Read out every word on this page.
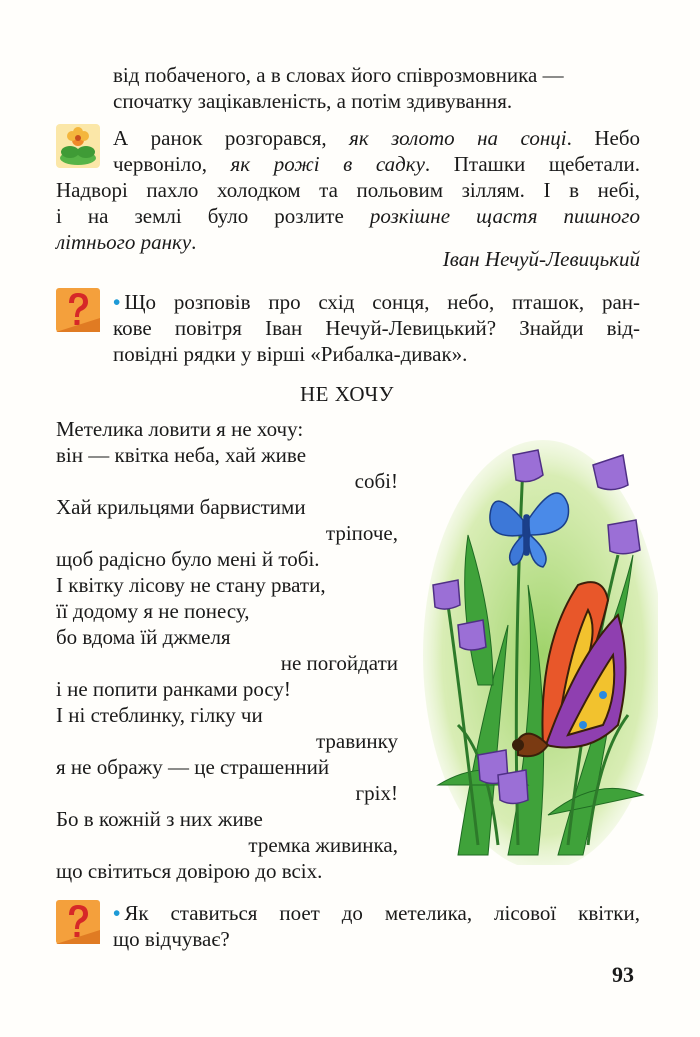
від побаченого, а в словах його співрозмовника —
спочатку зацікавленість, а потім здивування.
А ранок розгорався, як золото на сонці. Небо
червоніло, як рожі в садку. Пташки щебетали.
Надворі пахло холодком та польовим зіллям. І в небі,
і на землі було розлите розкішне щастя пишного
літнього ранку.
Іван Нечуй-Левицький
• Що розповів про схід сонця, небо, пташок, ран-
кове повітря Іван Нечуй-Левицький? Знайди від-
повідні рядки у вірші «Рибалка-дивак».
НЕ ХОЧУ
Метелика ловити я не хочу:
він — квітка неба, хай живе
собі!
Хай крильцями барвистими
тріпоче,
щоб радісно було мені й тобі.
І квітку лісову не стану рвати,
її додому я не понесу,
бо вдома їй джмеля
не погойдати
і не попити ранками росу!
І ні стеблинку, гілку чи
травинку
я не ображу — це страшенний
гріх!
Бо в кожній з них живе
тремка живинка,
що світиться довірою до всіх.
• Як ставиться поет до метелика, лісової квітки,
що відчуває?
93
